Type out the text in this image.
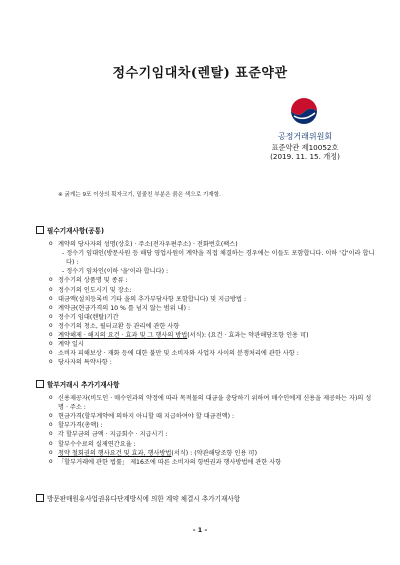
정수기임대차(렌탈) 표준약관
공정거래위원회
표준약관 제10052호
(2019. 11. 15. 개정)
※ 굵게는 9포 이상의 획자크기, 밑줄친 부분은 붉은 색으로 기재할.
필수기재사항(공통)
o 계약의 당사자의 성명(상호) · 주소(전자우편주소) · 전화번호(팩스)
- 정수기 임대인(방문사원 등 해당 영업사원이 계약을 직접 체결하는 경우에는 이들도 포함합니다. 이하 '갑'이라 합니다) :
- 정수기 임차인(이하 '을'이라 합니다) :
o 정수기의 상품명 및 종류 :
o 정수기의 인도시기 및 장소:
o 대금액(설치등록비 기타 을의 추가부담사항 포함합니다) 및 지급방법 :
o 계약금(현금가격의 10 % 를 넘지 않는 범위 내) :
o 정수기 임대(렌탈)기간
o 정수기의 청소, 필터교환 등 관리에 관한 사항
o 계약해제 · 해지의 요건 · 효과 및 그 행사의 방법(서식): (요건 · 효과는 약관해당조항 인용 可)
o 계약 일시
o 소비자 피해보상 · 재화 등에 대한 불만 및 소비자와 사업자 사이의 분쟁처리에 관한 사항 :
o 당사자의 특약사항 :
할부거래시 추가기재사항
o 신용제공자(비도인 · 매수인과의 약정에 따라 목적물의 대금을 충당하기 위하여 매수인에게 신용을 제공하는 자)의 성명 · 주소 :
o 현금가격(할부계약에 의하지 아니할 때 지급하여야 할 대금전액) :
o 할부가격(총액) :
o 각 할부금의 금액 · 지급회수 · 지급시기 :
o 할부수수료의 실제연간요율 :
o 청약 철회권의 행사요건 및 효과, 행사방법(서식) : (약관해당조항 인용 可)
o 「할부거래에 관한 법률」 제16조에 따른 소비자의 항변권과 행사방법에 관한 사항
방문판매원유사업권유다단계방식에 의한 계약 체결시 추가기재사항
- 1 -
